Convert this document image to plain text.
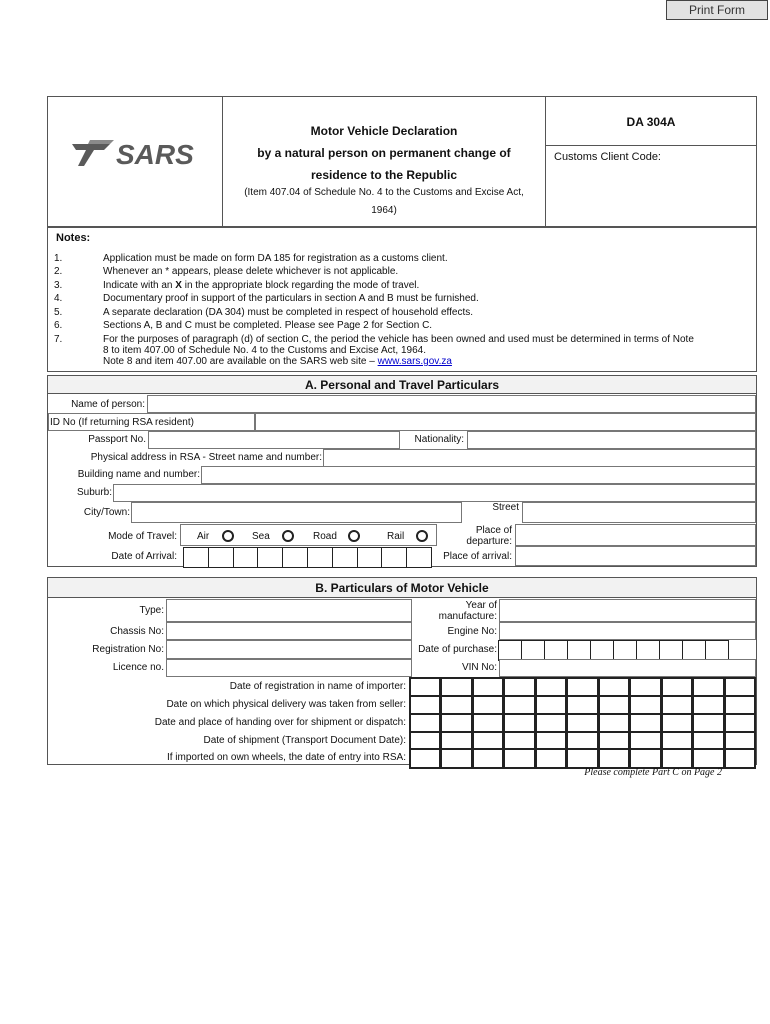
Print Form
SARS
Motor Vehicle Declaration
by a natural person on permanent change of
residence to the Republic
(Item 407.04 of Schedule No. 4 to the Customs and Excise Act,
1964)
DA 304A
Customs Client Code:
Notes:
1.	Application must be made on form DA 185 for registration as a customs client.
2.	Whenever an * appears, please delete whichever is not applicable.
3.	Indicate with an X in the appropriate block regarding the mode of travel.
4.	Documentary proof in support of the particulars in section A and B must be furnished.
5.	A separate declaration (DA 304) must be completed in respect of household effects.
6.	Sections A, B and C must be completed. Please see Page 2 for Section C.
7.	For the purposes of paragraph (d) of section C, the period the vehicle has been owned and used must be determined in terms of Note
8 to item 407.00 of Schedule No. 4 to the Customs and Excise Act, 1964.
Note 8 and item 407.00 are available on the SARS web site – www.sars.gov.za
A. Personal and Travel Particulars
Name of person:
ID No (If returning RSA resident)
Passport No.	Nationality:
Physical address in RSA - Street name and number:
Building name and number:
Suburb:
City/Town:	Street
Mode of Travel: Air	Sea	Road	Rail
Place of
departure:
Date of Arrival:	Place of arrival:
B. Particulars of Motor Vehicle
Type:	Year of
manufacture:
Chassis No:	Engine No:
Registration No:	Date of purchase:
Licence no.	VIN No:
Date of registration in name of importer:
Date on which physical delivery was taken from seller:
Date and place of handing over for shipment or dispatch:
Date of shipment (Transport Document Date):
If imported on own wheels, the date of entry into RSA:
Please complete Part C on Page 2
